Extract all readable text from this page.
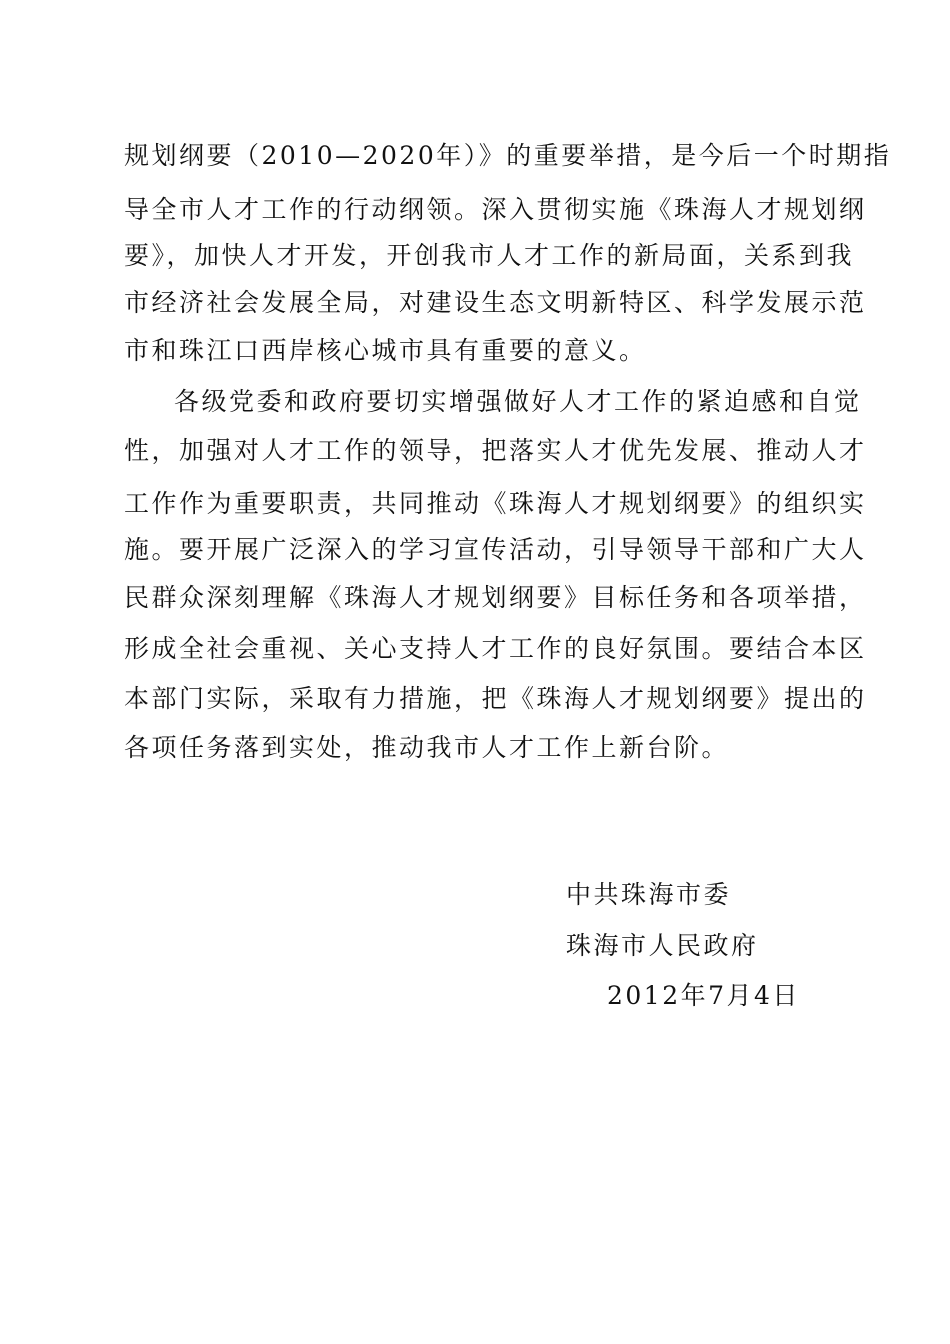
规划纲要（2010—2020年）》的重要举措，是今后一个时期指
导全市人才工作的行动纲领。深入贯彻实施《珠海人才规划纲
要》，加快人才开发，开创我市人才工作的新局面，关系到我
市经济社会发展全局，对建设生态文明新特区、科学发展示范
市和珠江口西岸核心城市具有重要的意义。
各级党委和政府要切实增强做好人才工作的紧迫感和自觉
性，加强对人才工作的领导，把落实人才优先发展、推动人才
工作作为重要职责，共同推动《珠海人才规划纲要》的组织实
施。要开展广泛深入的学习宣传活动，引导领导干部和广大人
民群众深刻理解《珠海人才规划纲要》目标任务和各项举措，
形成全社会重视、关心支持人才工作的良好氛围。要结合本区
本部门实际，采取有力措施，把《珠海人才规划纲要》提出的
各项任务落到实处，推动我市人才工作上新台阶。
中共珠海市委
珠海市人民政府
2012年7月4日
